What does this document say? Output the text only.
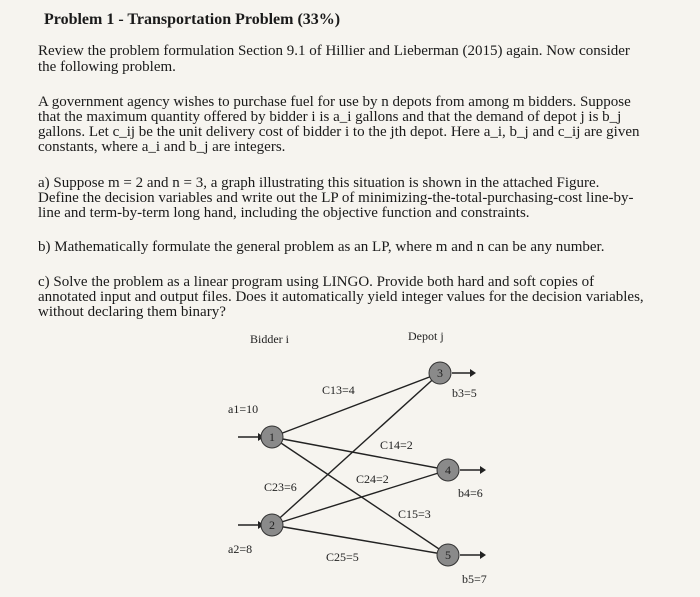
Problem 1 - Transportation Problem (33%)
Review the problem formulation Section 9.1 of Hillier and Lieberman (2015) again. Now consider
the following problem.
A government agency wishes to purchase fuel for use by n depots from among m bidders. Suppose
that the maximum quantity offered by bidder i is a_i gallons and that the demand of depot j is b_j
gallons. Let c_ij be the unit delivery cost of bidder i to the jth depot. Here a_i, b_j and c_ij are given
constants, where a_i and b_j are integers.
a) Suppose m = 2 and n = 3, a graph illustrating this situation is shown in the attached Figure.
Define the decision variables and write out the LP of minimizing-the-total-purchasing-cost line-by-
line and term-by-term long hand, including the objective function and constraints.
b) Mathematically formulate the general problem as an LP, where m and n can be any number.
c) Solve the problem as a linear program using LINGO. Provide both hard and soft copies of
annotated input and output files. Does it automatically yield integer values for the decision variables,
without declaring them binary?
Bidder i	Depot j
1
2
3
4
5
a1=10
a2=8
b3=5
b4=6
b5=7
C13=4
C14=2
C15=3
C23=6
C24=2
C25=5
